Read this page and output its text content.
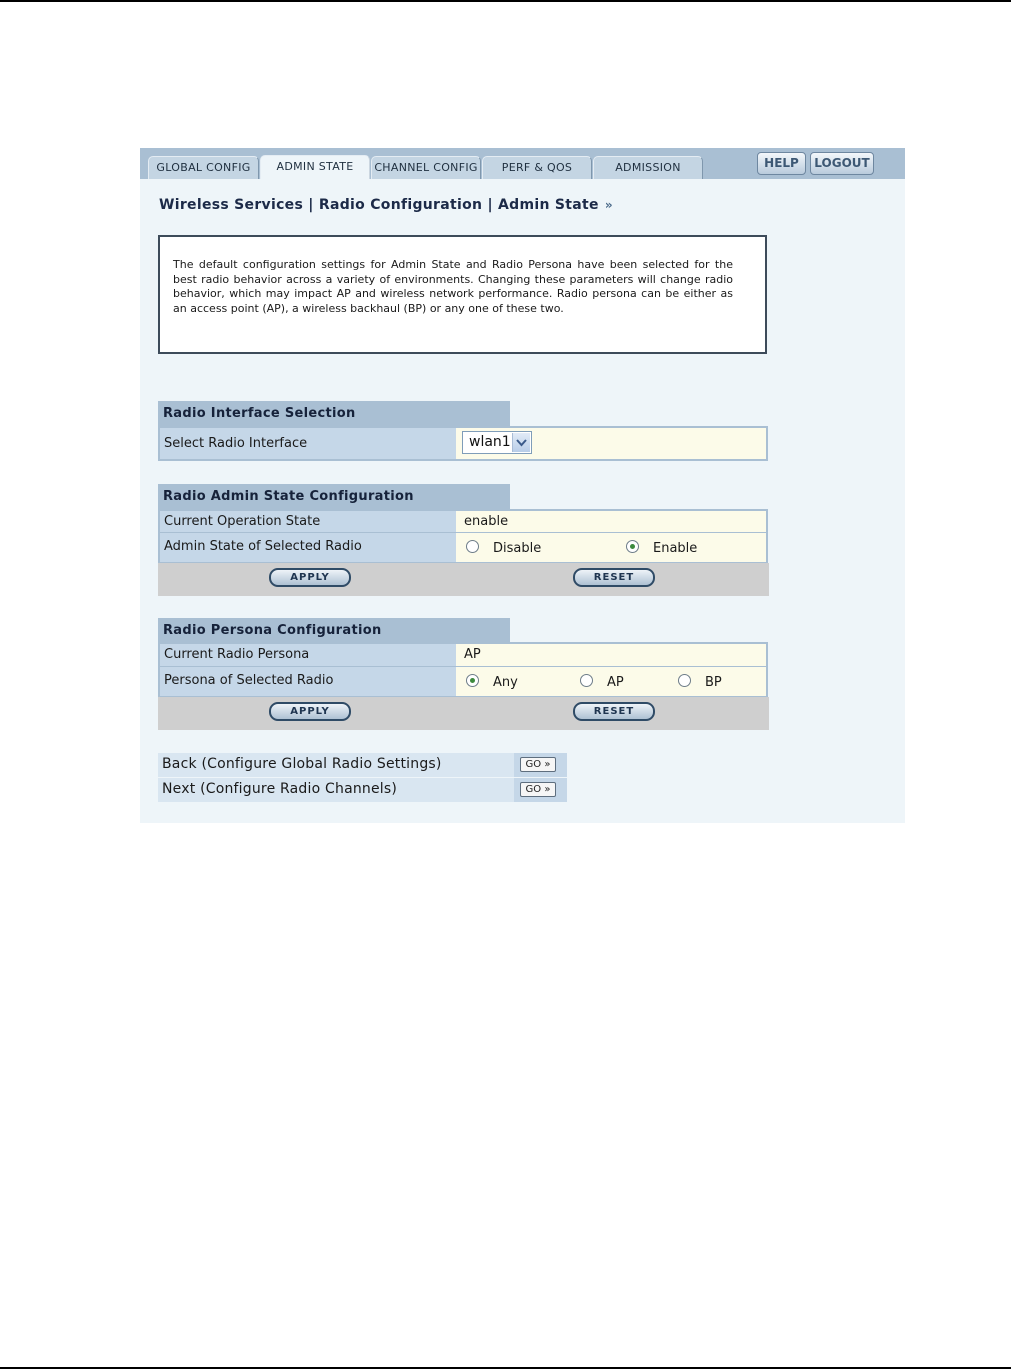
GLOBAL CONFIG	ADMIN STATE	CHANNEL CONFIG	PERF & QOS	ADMISSION	HELP	LOGOUT
Wireless Services | Radio Configuration | Admin State »
The default configuration settings for Admin State and Radio Persona have been selected for the best radio behavior across a variety of environments. Changing these parameters will change radio behavior, which may impact AP and wireless network performance. Radio persona can be either as an access point (AP), a wireless backhaul (BP) or any one of these two.
Radio Interface Selection
Select Radio Interface	wlan1
Radio Admin State Configuration
Current Operation State	enable
Admin State of Selected Radio	Disable	Enable
APPLY	RESET
Radio Persona Configuration
Current Radio Persona	AP
Persona of Selected Radio	Any	AP	BP
APPLY	RESET
Back (Configure Global Radio Settings)	GO »
Next (Configure Radio Channels)	GO »
